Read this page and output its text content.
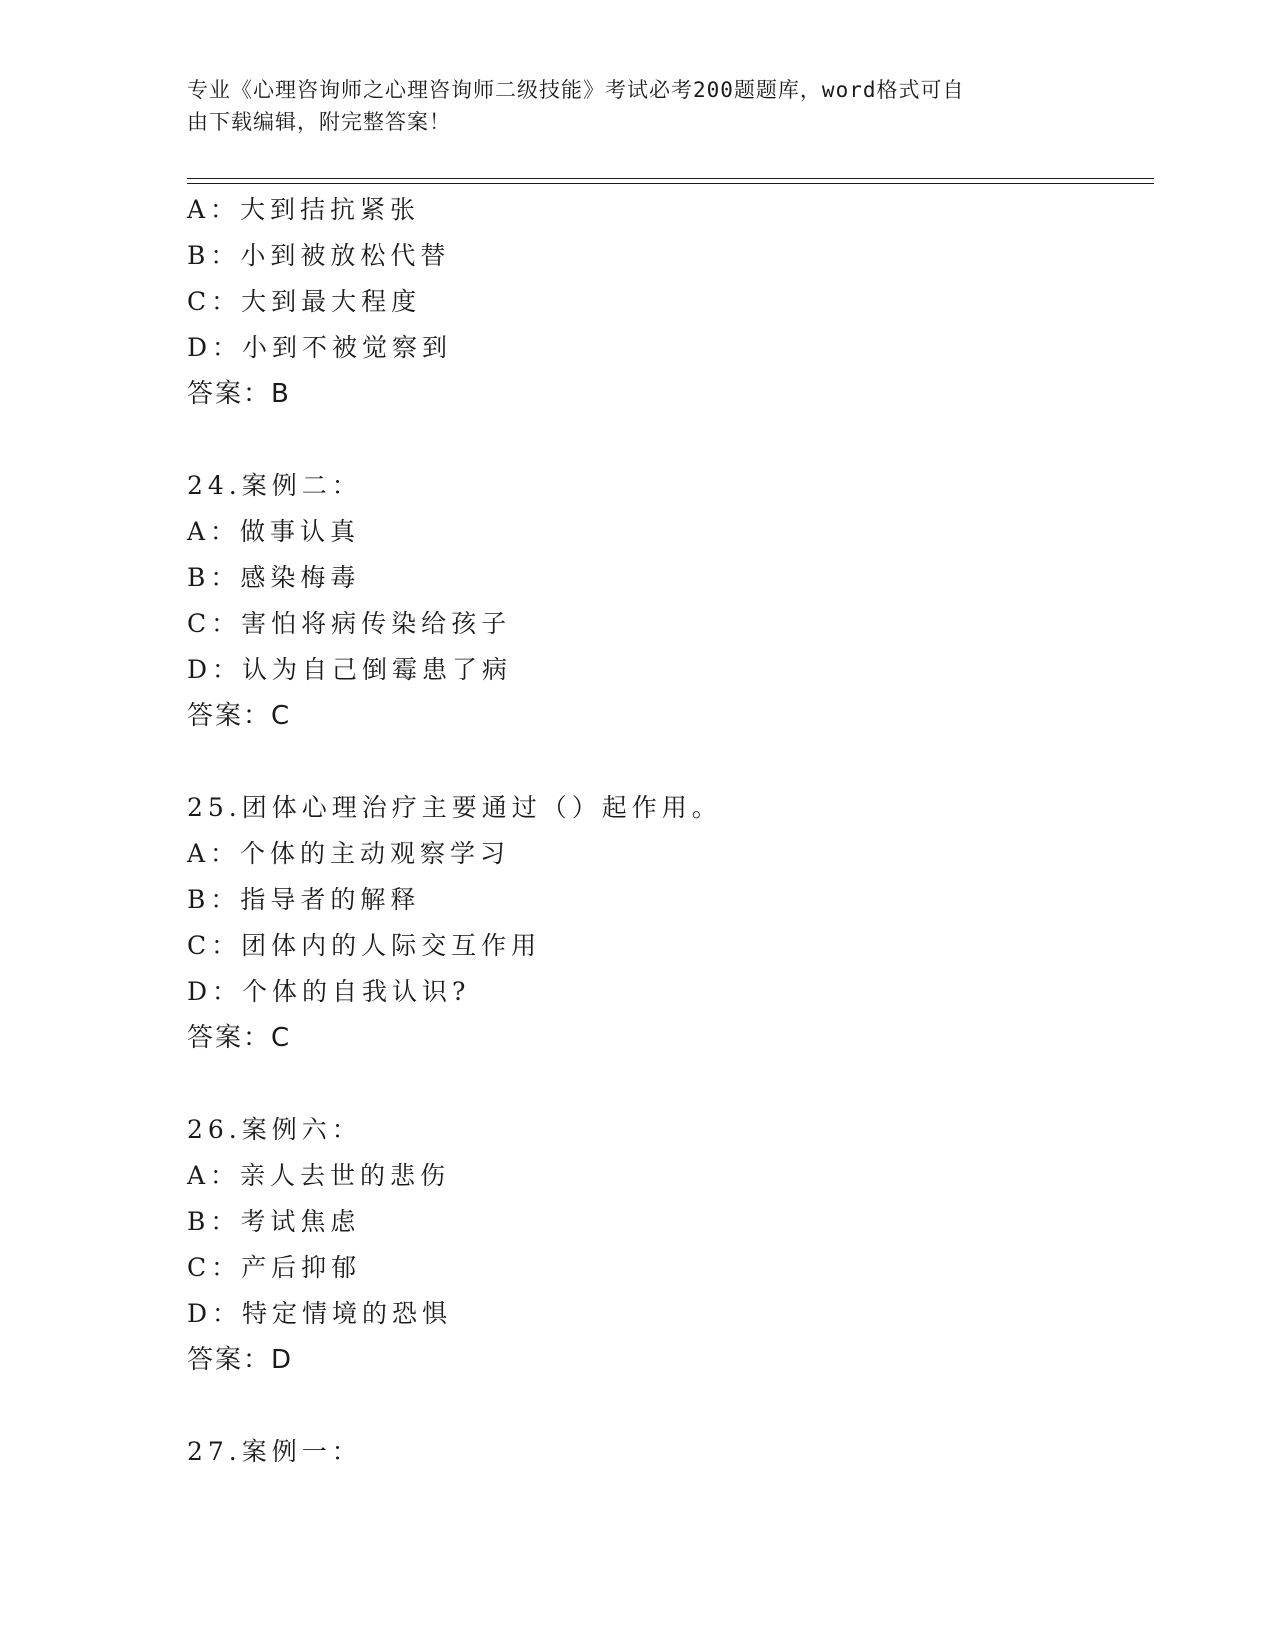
专业《心理咨询师之心理咨询师二级技能》考试必考200题题库，word格式可自
由下载编辑，附完整答案！
A：大到拮抗紧张
B：小到被放松代替
C：大到最大程度
D：小到不被觉察到
答案：B
24.案例二：
A：做事认真
B：感染梅毒
C：害怕将病传染给孩子
D：认为自己倒霉患了病
答案：C
25.团体心理治疗主要通过（）起作用。
A：个体的主动观察学习
B：指导者的解释
C：团体内的人际交互作用
D：个体的自我认识?
答案：C
26.案例六：
A：亲人去世的悲伤
B：考试焦虑
C：产后抑郁
D：特定情境的恐惧
答案：D
27.案例一：
